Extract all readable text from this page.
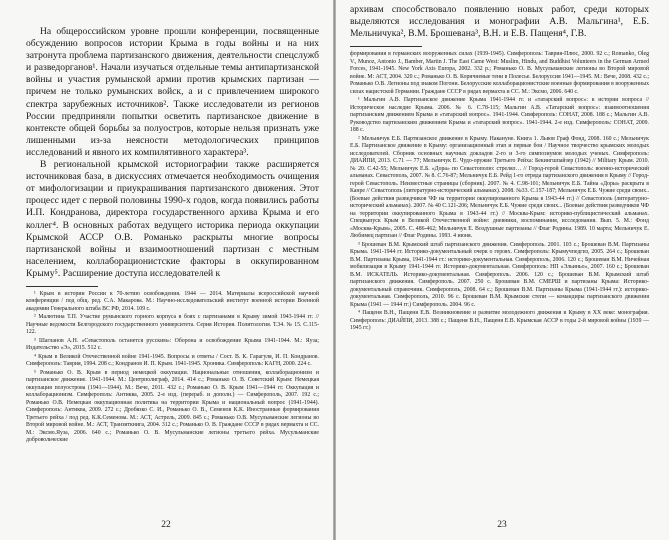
На общероссийском уровне прошли конференции, посвященные обсуждению вопросов истории Крыма в годы войны и на них затронута проблема партизанского движения, деятельности спецслужб и разведорганов¹. Начали изучаться отдельные темы антипартизанской войны и участия румынской армии против крымских партизан — причем не только румынских войск, а и с привлечением широкого спектра зарубежных источников². Также исследователи из регионов России предприняли попытки осветить партизанское движение в контексте общей борьбы за полуостров, которые нельзя признать уже лишенными из-за неясности методологических принципов исследований и явного их компилятивного характера³.

В региональной крымской историографии также расширяется источниковая база, в дискуссиях отмечается необходимость очищения от мифологизации и приукрашивания партизанского движения. Этот процесс идет с первой половины 1990-х годов, когда появились работы И.П. Кондранова, директора государственного архива Крыма и его коллег⁴. В основных работах ведущего историка периода оккупации Крымской АССР О.В. Романько раскрыты многие вопросы партизанской войны и взаимоотношений партизан с местным населением, коллаборационистские факторы в оккупированном Крыму⁵. Расширение доступа исследователей к

¹ Крым в истории России к 70-летию освобождения. 1944 — 2014. Материалы всероссийской научной конференции / под общ. ред. С.А. Макарова. М.: Научно-исследовательский институт военной истории Военной академии Генерального штаба ВС РФ, 2014. 109 с.

² Малютина Т.П. Участие румынского горного корпуса в боях с партизанами в Крыму зимой 1943-1944 гг. // Научные ведомости Белгородского государственного университета. Серия История. Политология. Т.34. № 15. С.115-122.

³ Шагланов А.Н. «Севастополь останется русским»: Оборона и освобождение Крыма 1941-1944. М.: Яуза; Издательство «Э», 2015. 512 с.

⁴ Крым в Великой Отечественной войне 1941-1945. Вопросы и ответы / Сост. В. К. Гарагуля, И. П. Кондранов. Симферополь: Таврия, 1994. 208 с.; Кондранов И. П. Крым. 1941-1945. Хроника. Симферополь: КАГН, 2000. 224 с.

⁵ Романько О. В. Крым в период немецкой оккупации. Национальные отношения, коллаборационизм и партизанское движение. 1941-1944. М.: Центрполиграф, 2014. 414 с.; Романько О. В. Советский Крым: Немецкая оккупация полуострова (1941—1944). М.: Вече, 2011. 432 с.; Романько О. В. Крым 1941—1944 гг. Оккупация и коллаборационизм. Симферополь: Антиква, 2005. 2-е изд. (перераб. и дополн.) — Симферополь, 2007. 192 с.; Романько О.В. Немецкая оккупационная политика на территории Крыма и национальный вопрос (1941-1944). Симферополь: Антиква, 2009. 272 с.; Дробязко С. И., Романько О. В., Семенов К.К. Иностранные формирования Третьего рейха / под ред. К.К.Семенова. М.: АСТ, Астрель, 2009. 845 с.; Романько О.В. Мусульманские легионы во Второй мировой войне. М.: АСТ, Транзиткнига, 2004. 312 с.; Романько О. В. Граждане СССР в рядах вермахта и СС. М.: Эксмо.Яуза, 2006. 640 с.; Романько О. В. Мусульманские легионы третьего рейха. Мусульманские добровольческие

22

архивам способствовало появлению новых работ, среди которых выделяются исследования и монографии А.В. Мальгина¹, Е.Б. Мельничука², В.М. Брошевана³, В.Н. и Е.В. Пащеня⁴, Г.В.

формирования в германских вооруженных силах (1939-1945). Симферополь: Таврия-Плюс, 2000. 92 с.; Romanko, Oleg V., Munoz, Antonio J., Bamber, Martin J. The East Came West: Muslim, Hindu, and Buddhist Volunteers in the German Armed Forces, 1941-1945. New York Axis Europa, 2002. 332 p.; Романько О. В. Мусульманские легионы во Второй мировой войне. М: АСТ, 2004. 320 с.; Романько О. В. Коричневые тени в Полесье. Белоруссия 1941—1945. М.: Вече, 2008. 432 с.; Романько О.В. Легионы под знаком Погони. Белорусские коллаборационистские военные формирования в вооруженных силах нацистской Германии. Граждане СССР в рядах вермахта и СС. М.: Эксмо, 2006. 640 с.

¹ Мальгин А.В. Партизанское движение Крыма 1941-1944 гг. и «татарский вопрос»: к истории вопроса // Историческое наследие Крыма. 2006. № 6. С.78-115; Мальгин А.В. «Татарский вопрос»: взаимоотношения партизанским движением Крыма и «татарский вопрос». 1941-1944. Симферополь: СОНАТ, 2008. 188 с.; Мальгин А.В. Руководство партизанским движением Крыма и «татарский вопрос». 1941-1944. 2-е изд. Симферополь: СОНАТ, 2009. 188 с.

² Мельничук Е.Б. Партизанское движение в Крыму. Накануне. Книга 1. Львов Граф Фонд, 2008. 160 с.; Мельничук Е.Б. Партизанское движение в Крыму: организационный этап и первые бои / Научное творчество крымских молодых исследователей. Сборник основных научных докладов 2-го и 3-го симпозиумов молодых ученых. Симферополь: ДИАЙПИ, 2013. С.71 — 77; Мельничук Е. Чудо-оружие Третьего Рейха: Бекингшпайзер (1942) // Military Крым. 2010. № 20. С.42-55; Мельничук Е.Б. «Дора» по Севастополю: стрелял… // Город-герой Севастополь: военно-исторический альманах. Севастополь, 2007. № 8. С.76-87; Мельничук Е.Б. Рейд 1-го отряда партизанского движения в Крыму // Город-герой Севастополь. Неизвестные страницы (сборник). 2007. № 4. С.98-101; Мельничук Е.Б. Тайна «Доры» раскрыта в Канре // Севастополь (литературно-исторический альманах). 2008. №33. С.157-187; Мельничук Е.Б. Чужие среди своих.. (Боевые действия разведчиков ЧФ на территории оккупированного Крыма в 1943-44 гг.) // Севастополь (литературно-исторический альманах). 2007. № 40 С.121-206; Мельничук Е.Б. Чужие среди своих... (Боевые действия разведчиков ЧФ на территории оккупированного Крыма в 1943-44 гг.) // Москва-Крым: историко-публицистический альманах. Спецвыпуск Крым в Великой Отечественной войне: дневники, воспоминания, исследования. Вып. 5. М.: Фонд «Москва-Крым», 2005. С. 486-462; Мельничук Е. Воздушные партизаны // Флаг Родины. 1989. 10 марта; Мельничук Е. Любимец партизан // Флаг Родины. 1993. 4 июня.

³ Брошеван В.М. Крымский штаб партизанского движения. Симферополь. 2001. 103 с.; Брошеван В.М. Партизаны Крыма. 1941-1944 гг. Историко-документальный очерк о героях. Симферополь: Крымучпедгиз, 2005. 264 с.; Брошеван В.М. Партизаны Крыма, 1941-1944 гг.: историко-документальная. Симферополь, 2006. 120 с.; Брошеван В.М. Ничейная мобилизация в Крыму 1941-1944 гг. Историко-документальная. Симферополь: НП «Эльиньо», 2007. 160 с.; Брошеван В.М. ИСКАТЕЛЬ. Историко-документальная. Симферополь. 2006. 120 с.; Брошеван В.М. Крымский штаб партизанского движения. Симферополь. 2007. 250 с. Брошеван В.М. СМЕРШ и партизаны Крыма: Историко-документальный справочник. Симферополь, 2008. 64 с.; Брошеван В.М. Партизаны Крыма (1941-1944 гг.): историко-документальная. Симферополь, 2010. 96 с. Брошеван В.М. Крымские степи — командиры партизанского движения Крыма (1941 — 1944 гг.) Симферополь. 2004. 96 с.

⁴ Пащеня В.Н., Пащеня Е.В. Возникновение и развитие молодежного движения в Крыму в ХХ веке: монография. Симферополь: ДИАЙПИ, 2013. 388 с.; Пащеня В.Н., Пащеня Е.В. Крымская АССР в годы 2-й мировой войны (1939 — 1945 гг.)

23
